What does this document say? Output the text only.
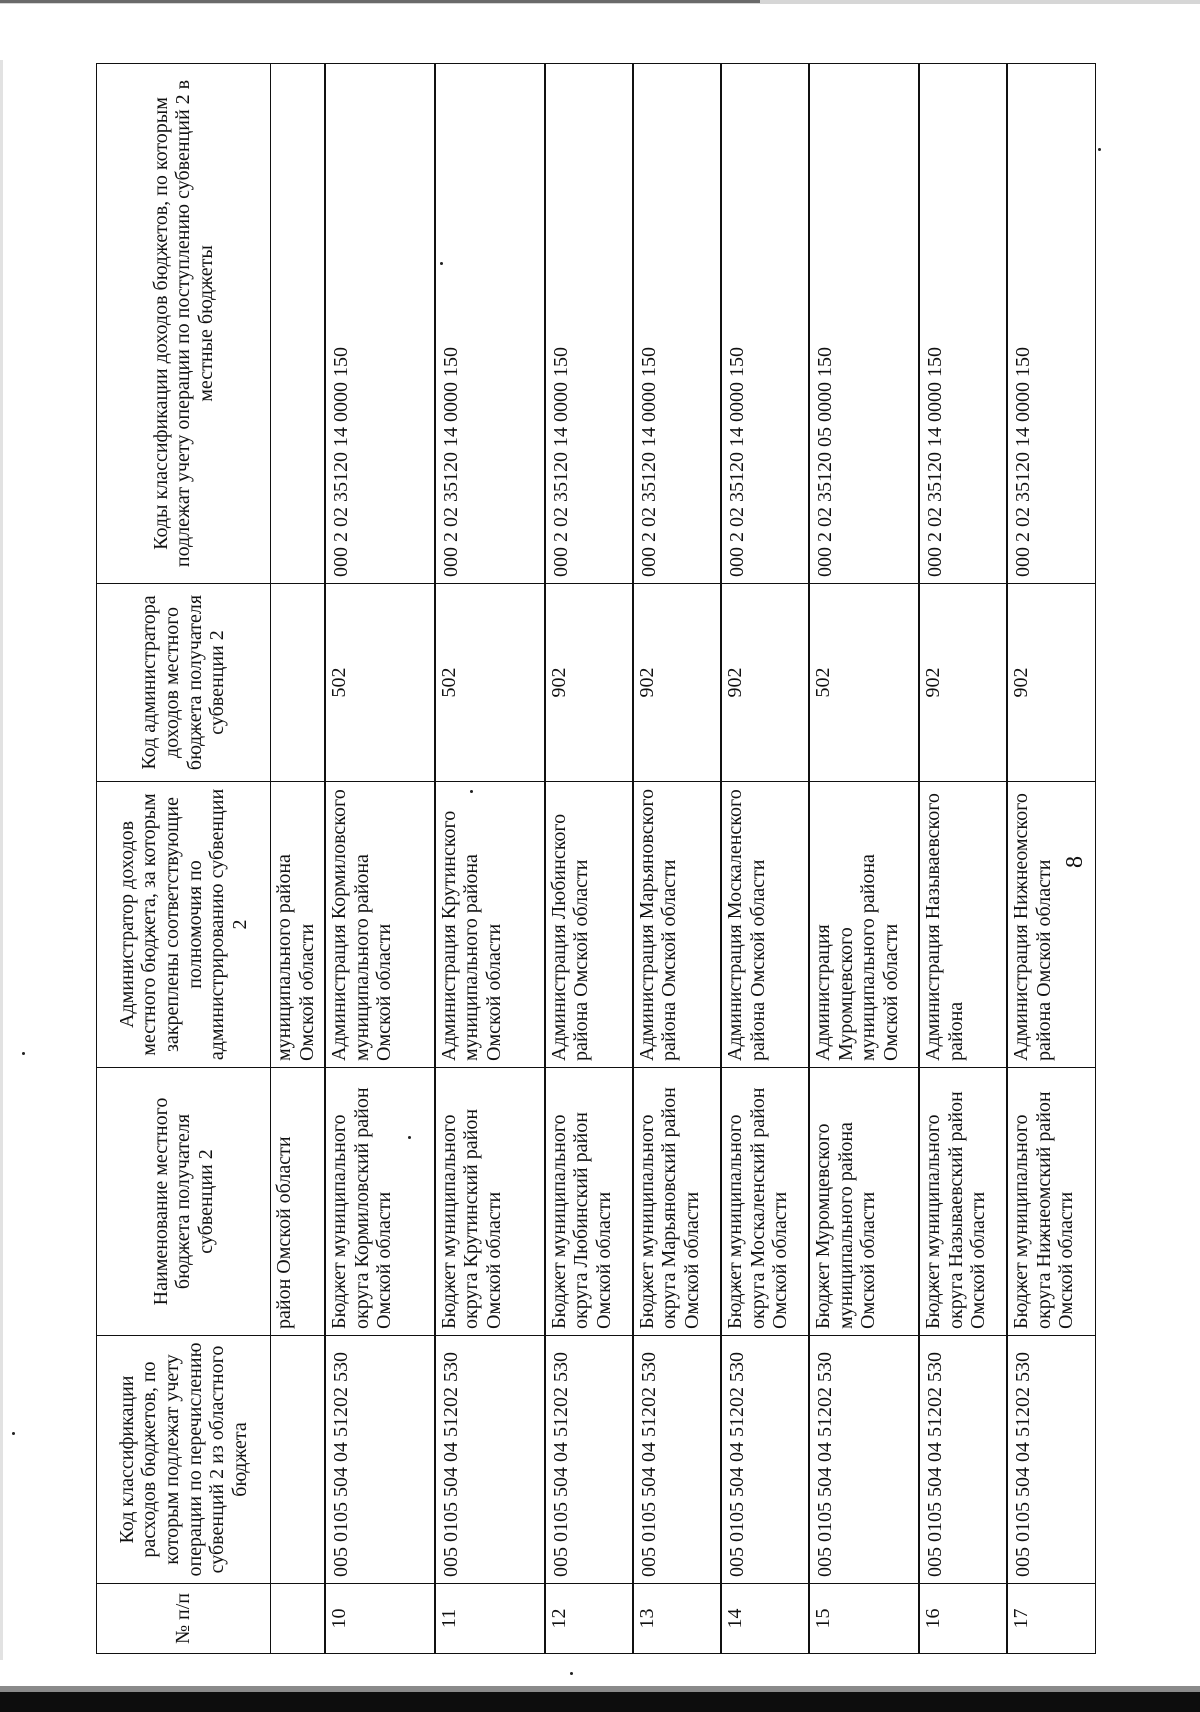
8
№ п/п	Код классификации расходов бюджетов, по которым подлежат учету операции по перечислению субвенций 2 из областного бюджета	Наименование местного бюджета получателя субвенции 2	Администратор доходов местного бюджета, за которым закреплены соответствующие полномочия по администрированию субвенции 2	Код администратора доходов местного бюджета получателя субвенции 2	Коды классификации доходов бюджетов, по которым подлежат учету операции по поступлению субвенций 2 в местные бюджеты
		район Омской области	муниципального района Омской области		
10	005 0105 504 04 51202 530	Бюджет муниципального округа Кормиловский район Омской области	Администрация Кормиловского муниципального района Омской области	502	000 2 02 35120 14 0000 150
11	005 0105 504 04 51202 530	Бюджет муниципального округа Крутинский район Омской области	Администрация Крутинского муниципального района Омской области	502	000 2 02 35120 14 0000 150
12	005 0105 504 04 51202 530	Бюджет муниципального округа Любинский район Омской области	Администрация Любинского района Омской области	902	000 2 02 35120 14 0000 150
13	005 0105 504 04 51202 530	Бюджет муниципального округа Марьяновский район Омской области	Администрация Марьяновского района Омской области	902	000 2 02 35120 14 0000 150
14	005 0105 504 04 51202 530	Бюджет муниципального округа Москаленский район Омской области	Администрация Москаленского района Омской области	902	000 2 02 35120 14 0000 150
15	005 0105 504 04 51202 530	Бюджет Муромцевского муниципального района Омской области	Администрация Муромцевского муниципального района Омской области	502	000 2 02 35120 05 0000 150
16	005 0105 504 04 51202 530	Бюджет муниципального округа Называевский район Омской области	Администрация Называевского района	902	000 2 02 35120 14 0000 150
17	005 0105 504 04 51202 530	Бюджет муниципального округа Нижнеомский район Омской области	Администрация Нижнеомского района Омской области	902	000 2 02 35120 14 0000 150
